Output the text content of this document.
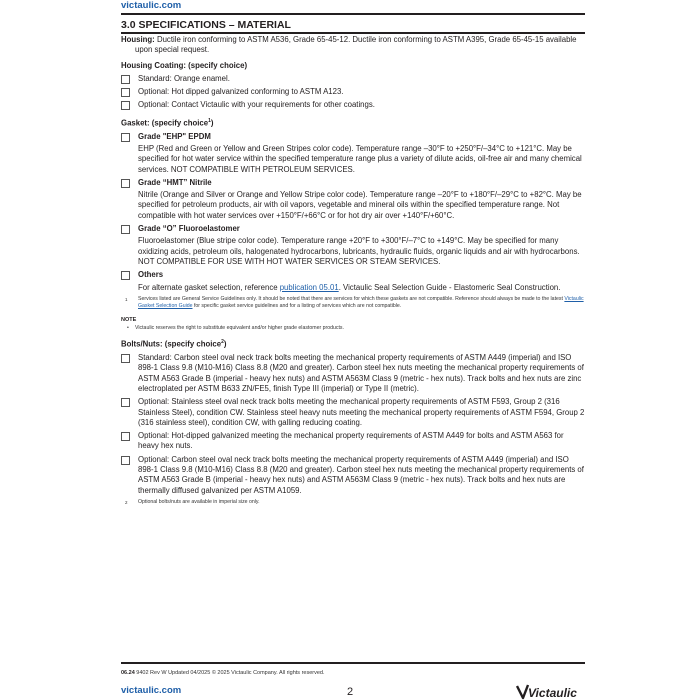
victaulic.com
3.0 SPECIFICATIONS – MATERIAL

Housing: Ductile iron conforming to ASTM A536, Grade 65-45-12. Ductile iron conforming to ASTM A395, Grade 65-45-15 available upon special request.

Housing Coating: (specify choice)

Standard: Orange enamel.
Optional: Hot dipped galvanized conforming to ASTM A123.
Optional: Contact Victaulic with your requirements for other coatings.

Gasket: (specify choice$^1$)

Grade "EHP" EPDM

EHP (Red and Green or Yellow and Green Stripes color code). Temperature range –30°F to +250°F/–34°C to +121°C. May be specified for hot water service within the specified temperature range plus a variety of dilute acids, oil-free air and many chemical services. NOT COMPATIBLE WITH PETROLEUM SERVICES.

Grade “HMT” Nitrile

Nitrile (Orange and Silver or Orange and Yellow Stripe color code). Temperature range –20°F to +180°F/–29°C to +82°C. May be specified for petroleum products, air with oil vapors, vegetable and mineral oils within the specified temperature range. Not compatible with hot water services over +150°F/+66°C or for hot dry air over +140°F/+60°C.

Grade “O” Fluoroelastomer

Fluoroelastomer (Blue stripe color code). Temperature range +20°F to +300°F/–7°C to +149°C. May be specified for many oxidizing acids, petroleum oils, halogenated hydrocarbons, lubricants, hydraulic fluids, organic liquids and air with hydrocarbons. NOT COMPATIBLE FOR USE WITH HOT WATER SERVICES OR STEAM SERVICES.

Others

For alternate gasket selection, reference publication 05.01. Victaulic Seal Selection Guide - Elastomeric Seal Construction.

1	Services listed are General Service Guidelines only. It should be noted that there are services for which these gaskets are not compatible. Reference should always be made to the latest Victaulic Gasket Selection Guide for specific gasket service guidelines and for a listing of services which are not compatible.

NOTE

•	Victaulic reserves the right to substitute equivalent and/or higher grade elastomer products.

Bolts/Nuts: (specify choice$^2$)

Standard: Carbon steel oval neck track bolts meeting the mechanical property requirements of ASTM A449 (imperial) and ISO 898-1 Class 9.8 (M10-M16) Class 8.8 (M20 and greater). Carbon steel hex nuts meeting the mechanical property requirements of ASTM A563 Grade B (imperial - heavy hex nuts) and ASTM A563M Class 9 (metric - hex nuts). Track bolts and hex nuts are zinc electroplated per ASTM B633 ZN/FE5, finish Type III (imperial) or Type II (metric).
Optional: Stainless steel oval neck track bolts meeting the mechanical property requirements of ASTM F593, Group 2 (316 Stainless Steel), condition CW. Stainless steel heavy nuts meeting the mechanical property requirements of ASTM F594, Group 2 (316 stainless steel), condition CW, with galling reducing coating.
Optional: Hot-dipped galvanized meeting the mechanical property requirements of ASTM A449 for bolts and ASTM A563 for heavy hex nuts.
Optional: Carbon steel oval neck track bolts meeting the mechanical property requirements of ASTM A449 (imperial) and ISO 898-1 Class 9.8 (M10-M16) Class 8.8 (M20 and greater). Carbon steel hex nuts meeting the mechanical property requirements of ASTM A563 Grade B (imperial - heavy hex nuts) and ASTM A563M Class 9 (metric - hex nuts). Track bolts and hex nuts are thermally diffused galvanized per ASTM A1059.
2	Optional bolts/nuts are available in imperial size only.
06.24 9402 Rev W Updated 04/2025 © 2025 Victaulic Company. All rights reserved.
victaulic.com	2	Victaulic
